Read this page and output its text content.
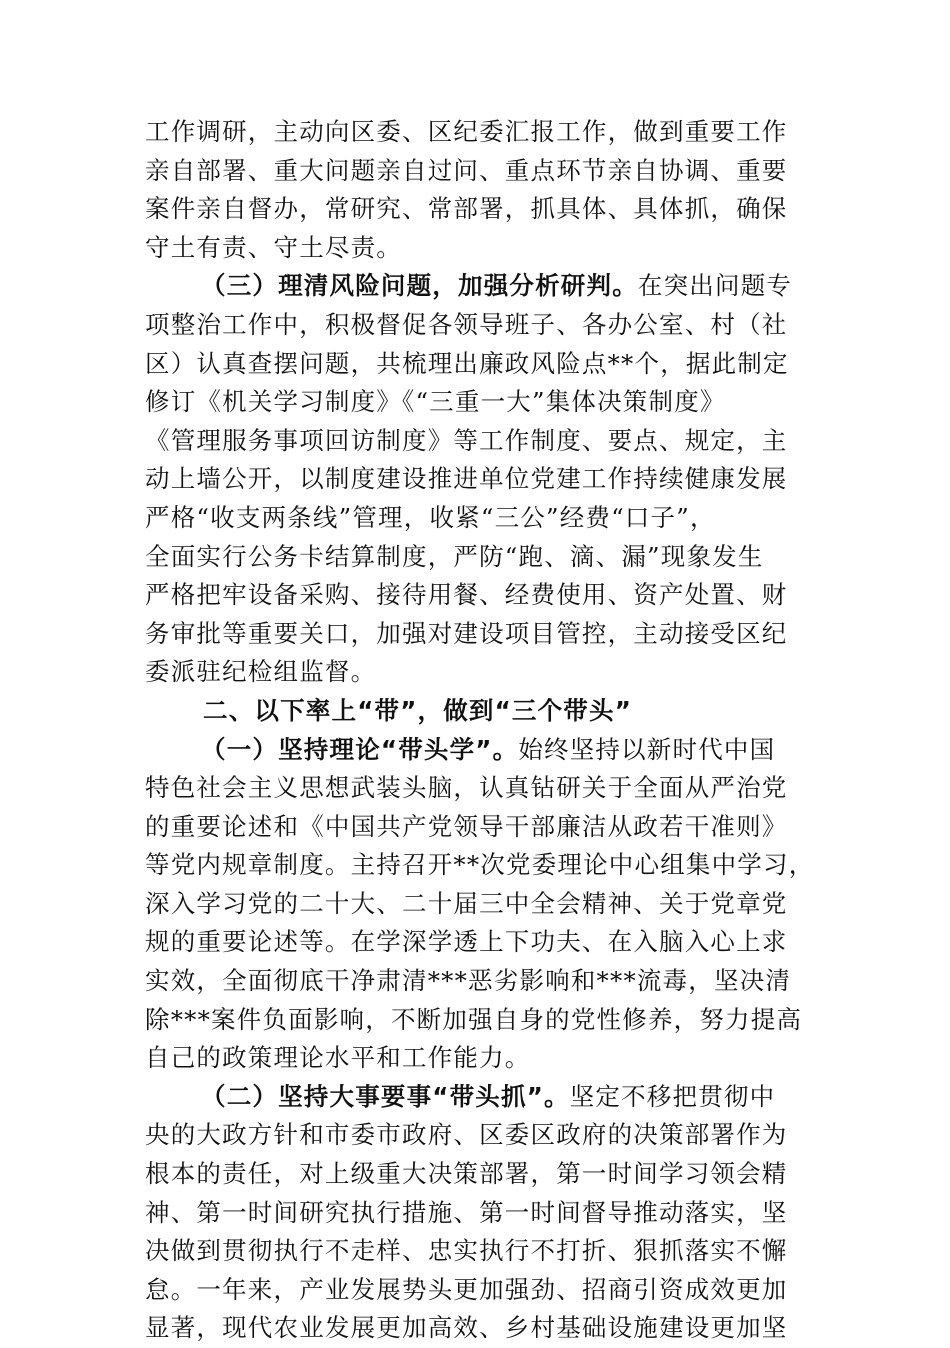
工作调研，主动向区委、区纪委汇报工作，做到重要工作
亲自部署、重大问题亲自过问、重点环节亲自协调、重要
案件亲自督办，常研究、常部署，抓具体、具体抓，确保
守土有责、守土尽责。
（三）理清风险问题，加强分析研判。在突出问题专
项整治工作中，积极督促各领导班子、各办公室、村（社
区）认真查摆问题，共梳理出廉政风险点**个，据此制定
修订《机关学习制度》《“三重一大”集体决策制度》
《管理服务事项回访制度》等工作制度、要点、规定，主
动上墙公开，以制度建设推进单位党建工作持续健康发展
严格“收支两条线”管理，收紧“三公”经费“口子”，
全面实行公务卡结算制度，严防“跑、滴、漏”现象发生
严格把牢设备采购、接待用餐、经费使用、资产处置、财
务审批等重要关口，加强对建设项目管控，主动接受区纪
委派驻纪检组监督。
二、以下率上“带”，做到“三个带头”
（一）坚持理论“带头学”。始终坚持以新时代中国
特色社会主义思想武装头脑，认真钻研关于全面从严治党
的重要论述和《中国共产党领导干部廉洁从政若干准则》
等党内规章制度。主持召开**次党委理论中心组集中学习，
深入学习党的二十大、二十届三中全会精神、关于党章党
规的重要论述等。在学深学透上下功夫、在入脑入心上求
实效，全面彻底干净肃清***恶劣影响和***流毒，坚决清
除***案件负面影响，不断加强自身的党性修养，努力提高
自己的政策理论水平和工作能力。
（二）坚持大事要事“带头抓”。坚定不移把贯彻中
央的大政方针和市委市政府、区委区政府的决策部署作为
根本的责任，对上级重大决策部署，第一时间学习领会精
神、第一时间研究执行措施、第一时间督导推动落实，坚
决做到贯彻执行不走样、忠实执行不打折、狠抓落实不懈
怠。一年来，产业发展势头更加强劲、招商引资成效更加
显著，现代农业发展更加高效、乡村基础设施建设更加坚
